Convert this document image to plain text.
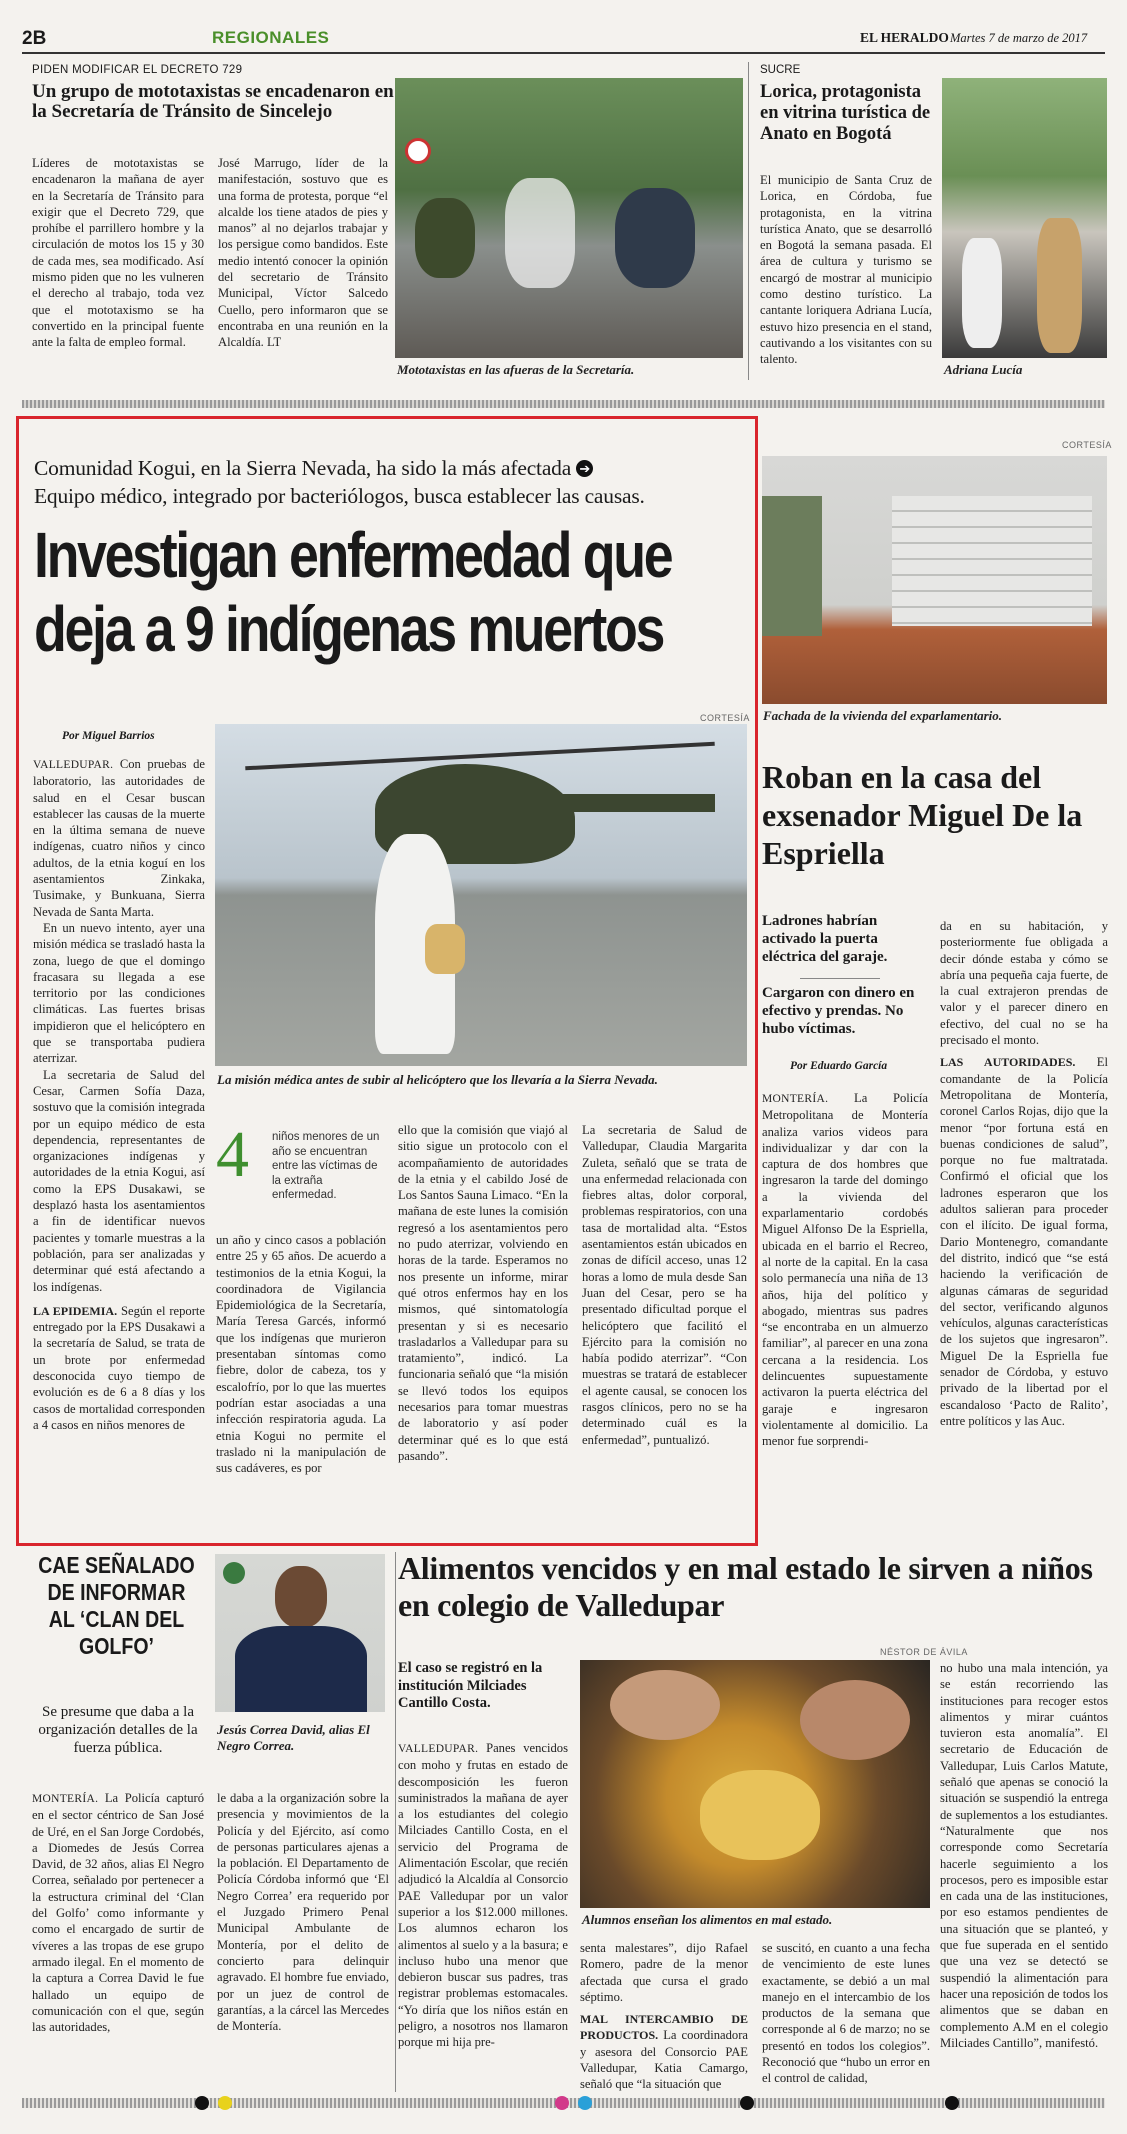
2B	REGIONALES	EL HERALDO Martes 7 de marzo de 2017
PIDEN MODIFICAR EL DECRETO 729
Un grupo de mototaxistas se encadenaron en la Secretaría de Tránsito de Sincelejo
Líderes de mototaxistas se encadenaron la mañana de ayer en la Secretaría de Tránsito para exigir que el Decreto 729, que prohíbe el parrillero hombre y la circulación de motos los 15 y 30 de cada mes, sea modificado. Así mismo piden que no les vulneren el derecho al trabajo, toda vez que el mototaxismo se ha convertido en la principal fuente ante la falta de empleo formal.
José Marrugo, líder de la manifestación, sostuvo que es una forma de protesta, porque “el alcalde los tiene atados de pies y manos” al no dejarlos trabajar y los persigue como bandidos. Este medio intentó conocer la opinión del secretario de Tránsito Municipal, Víctor Salcedo Cuello, pero informaron que se encontraba en una reunión en la Alcaldía. LT
Mototaxistas en las afueras de la Secretaría.
SUCRE
Lorica, protagonista en vitrina turística de Anato en Bogotá
El municipio de Santa Cruz de Lorica, en Córdoba, fue protagonista, en la vitrina turística Anato, que se desarrolló en Bogotá la semana pasada. El área de cultura y turismo se encargó de mostrar al municipio como destino turístico. La cantante loriquera Adriana Lucía, estuvo hizo presencia en el stand, cautivando a los visitantes con su talento.
Adriana Lucía
Comunidad Kogui, en la Sierra Nevada, ha sido la más afectada ➔
Equipo médico, integrado por bacteriólogos, busca establecer las causas.
Investigan enfermedad que
deja a 9 indígenas muertos
CORTESÍA
Por Miguel Barrios
La misión médica antes de subir al helicóptero que los llevaría a la Sierra Nevada.

VALLEDUPAR. Con pruebas de laboratorio, las autoridades de salud en el Cesar buscan establecer las causas de la muerte en la última semana de nueve indígenas, cuatro niños y cinco adultos, de la etnia koguí en los asentamientos Zinkaka, Tusimake, y Bunkuana, Sierra Nevada de Santa Marta.

En un nuevo intento, ayer una misión médica se trasladó hasta la zona, luego de que el domingo fracasara su llegada a ese territorio por las condiciones climáticas. Las fuertes brisas impidieron que el helicóptero en que se transportaba pudiera aterrizar.

La secretaria de Salud del Cesar, Carmen Sofía Daza, sostuvo que la comisión integrada por un equipo médico de esta dependencia, representantes de organizaciones indígenas y autoridades de la etnia Kogui, así como la EPS Dusakawi, se desplazó hasta los asentamientos a fin de identificar nuevos pacientes y tomarle muestras a la población, para ser analizadas y determinar qué está afectando a los indígenas.

LA EPIDEMIA. Según el reporte entregado por la EPS Dusakawi a la secretaría de Salud, se trata de un brote por enfermedad desconocida cuyo tiempo de evolución es de 6 a 8 días y los casos de mortalidad corresponden a 4 casos en niños menores de

4 niños menores de un año se encuentran entre las víctimas de la extraña enfermedad.
un año y cinco casos a población entre 25 y 65 años. De acuerdo a testimonios de la etnia Kogui, la coordinadora de Vigilancia Epidemiológica de la Secretaría, María Teresa Garcés, informó que los indígenas que murieron presentaban síntomas como fiebre, dolor de cabeza, tos y escalofrío, por lo que las muertes podrían estar asociadas a una infección respiratoria aguda. La etnia Kogui no permite el traslado ni la manipulación de sus cadáveres, es por
ello que la comisión que viajó al sitio sigue un protocolo con el acompañamiento de autoridades de la etnia y el cabildo José de Los Santos Sauna Limaco. “En la mañana de este lunes la comisión regresó a los asentamientos pero no pudo aterrizar, volviendo en horas de la tarde. Esperamos no nos presente un informe, mirar qué otros enfermos hay en los mismos, qué sintomatología presentan y si es necesario trasladarlos a Valledupar para su tratamiento”, indicó. La funcionaria señaló que “la misión se llevó todos los equipos necesarios para tomar muestras de laboratorio y así poder determinar qué es lo que está pasando”.
La secretaria de Salud de Valledupar, Claudia Margarita Zuleta, señaló que se trata de una enfermedad relacionada con fiebres altas, dolor corporal, problemas respiratorios, con una tasa de mortalidad alta. “Estos asentamientos están ubicados en zonas de difícil acceso, unas 12 horas a lomo de mula desde San Juan del Cesar, pero se ha presentado dificultad porque el helicóptero que facilitó el Ejército para la comisión no había podido aterrizar”. “Con muestras se tratará de establecer el agente causal, se conocen los rasgos clínicos, pero no se ha determinado cuál es la enfermedad”, puntualizó.
CORTESÍA
Fachada de la vivienda del exparlamentario.
Roban en la casa del exsenador Miguel De la Espriella
Ladrones habrían activado la puerta eléctrica del garaje.
Cargaron con dinero en efectivo y prendas. No hubo víctimas.
Por Eduardo García

MONTERÍA. La Policía Metropolitana de Montería analiza varios videos para individualizar y dar con la captura de dos hombres que ingresaron la tarde del domingo a la vivienda del exparlamentario cordobés Miguel Alfonso De la Espriella, ubicada en el barrio el Recreo, al norte de la capital. En la casa solo permanecía una niña de 13 años, hija del político y abogado, mientras sus padres “se encontraba en un almuerzo familiar”, al parecer en una zona cercana a la residencia. Los delincuentes supuestamente activaron la puerta eléctrica del garaje e ingresaron violentamente al domicilio. La menor fue sorprendi-

da en su habitación, y posteriormente fue obligada a decir dónde estaba y cómo se abría una pequeña caja fuerte, de la cual extrajeron prendas de valor y el parecer dinero en efectivo, del cual no se ha precisado el monto.

LAS AUTORIDADES. El comandante de la Policía Metropolitana de Montería, coronel Carlos Rojas, dijo que la menor “por fortuna está en buenas condiciones de salud”, porque no fue maltratada. Confirmó el oficial que los ladrones esperaron que los adultos salieran para proceder con el ilícito. De igual forma, Dario Montenegro, comandante del distrito, indicó que “se está haciendo la verificación de algunas cámaras de seguridad del sector, verificando algunos vehículos, algunas características de los sujetos que ingresaron”. Miguel De la Espriella fue senador de Córdoba, y estuvo privado de la libertad por el escandaloso ‘Pacto de Ralito’, entre políticos y las Auc.

CAE SEÑALADO DE INFORMAR AL ‘CLAN DEL GOLFO’
Se presume que daba a la organización detalles de la fuerza pública.
Jesús Correa David, alias El Negro Correa.

MONTERÍA. La Policía capturó en el sector céntrico de San José de Uré, en el San Jorge Cordobés, a Diomedes de Jesús Correa David, de 32 años, alias El Negro Correa, señalado por pertenecer a la estructura criminal del ‘Clan del Golfo’ como informante y como el encargado de surtir de víveres a las tropas de ese grupo armado ilegal. En el momento de la captura a Correa David le fue hallado un equipo de comunicación con el que, según las autoridades,

le daba a la organización sobre la presencia y movimientos de la Policía y del Ejército, así como de personas particulares ajenas a la población. El Departamento de Policía Córdoba informó que ‘El Negro Correa’ era requerido por el Juzgado Primero Penal Municipal Ambulante de Montería, por el delito de concierto para delinquir agravado. El hombre fue enviado, por un juez de control de garantías, a la cárcel las Mercedes de Montería.
Alimentos vencidos y en mal estado le sirven a niños en colegio de Valledupar
El caso se registró en la institución Milciades Cantillo Costa.
NÉSTOR DE ÁVILA
Alumnos enseñan los alimentos en mal estado.

VALLEDUPAR. Panes vencidos con moho y frutas en estado de descomposición les fueron suministrados la mañana de ayer a los estudiantes del colegio Milciades Cantillo Costa, en el servicio del Programa de Alimentación Escolar, que recién adjudicó la Alcaldía al Consorcio PAE Valledupar por un valor superior a los $12.000 millones. Los alumnos echaron los alimentos al suelo y a la basura; e incluso hubo una menor que debieron buscar sus padres, tras registrar problemas estomacales. “Yo diría que los niños están en peligro, a nosotros nos llamaron porque mi hija pre-

senta malestares”, dijo Rafael Romero, padre de la menor afectada que cursa el grado séptimo.

MAL INTERCAMBIO DE PRODUCTOS. La coordinadora y asesora del Consorcio PAE Valledupar, Katia Camargo, señaló que “la situación que

se suscitó, en cuanto a una fecha de vencimiento de este lunes exactamente, se debió a un mal manejo en el intercambio de los productos de la semana que corresponde al 6 de marzo; no se presentó en todos los colegios”. Reconoció que “hubo un error en el control de calidad,
no hubo una mala intención, ya se están recorriendo las instituciones para recoger estos alimentos y mirar cuántos tuvieron esta anomalía”. El secretario de Educación de Valledupar, Luis Carlos Matute, señaló que apenas se conoció la situación se suspendió la entrega de suplementos a los estudiantes. “Naturalmente que nos corresponde como Secretaría hacerle seguimiento a los procesos, pero es imposible estar en cada una de las instituciones, por eso estamos pendientes de una situación que se planteó, y que fue superada en el sentido que una vez se detectó se suspendió la alimentación para hacer una reposición de todos los alimentos que se daban en complemento A.M en el colegio Milciades Cantillo”, manifestó.
